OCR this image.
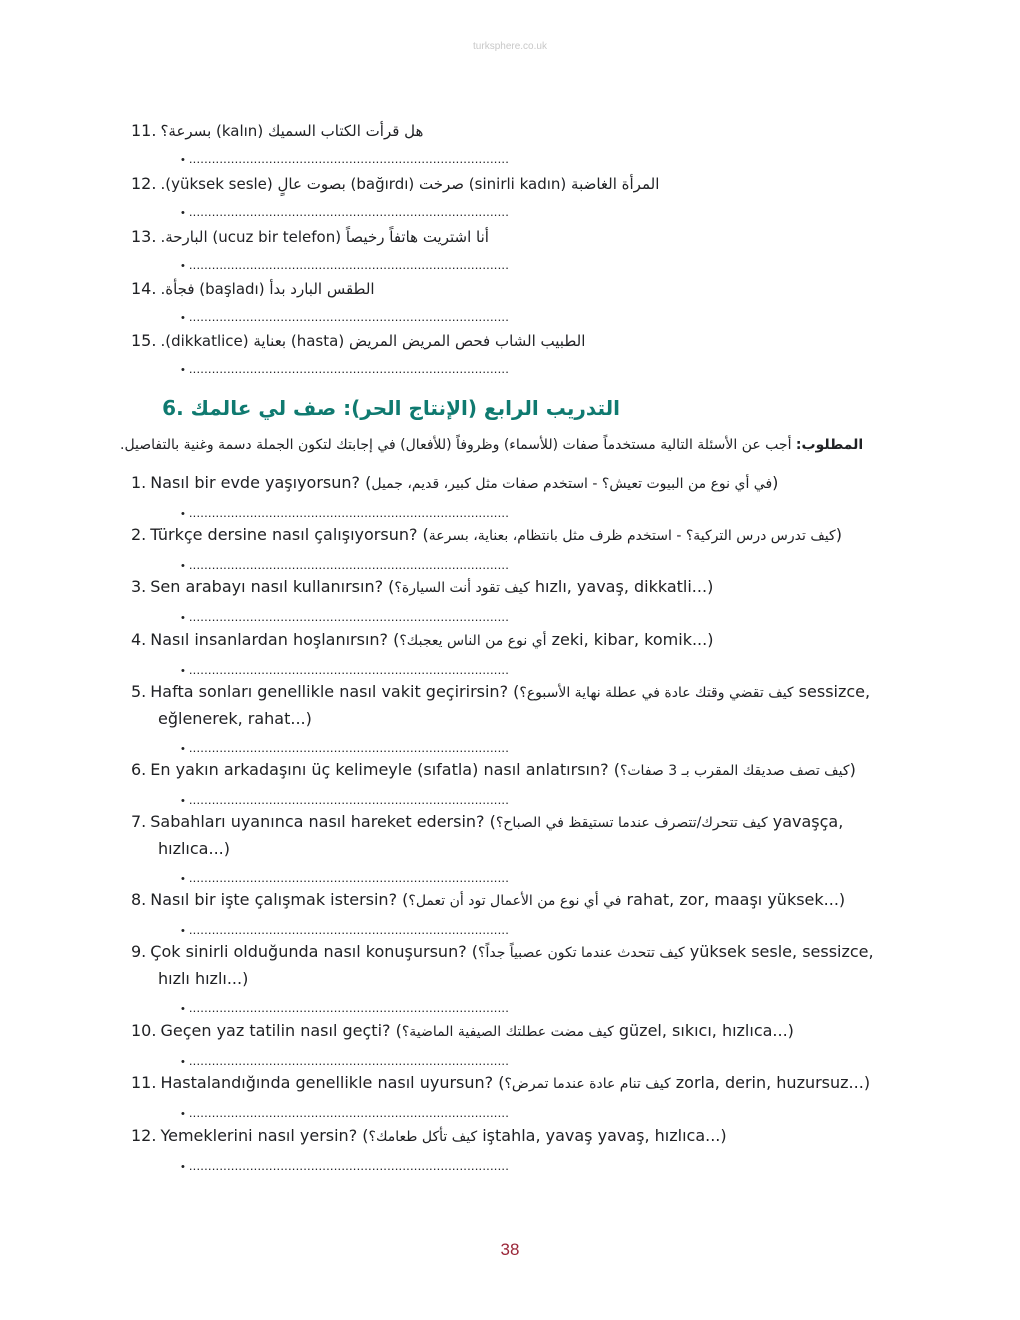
turksphere.co.uk
11. هل قرأت الكتاب السميك (kalın) بسرعة؟
• ....................................................................................
12. المرأة الغاضبة (sinirli kadın) صرخت (bağırdı) بصوت عالٍ (yüksek sesle).
• ....................................................................................
13. أنا اشتريت هاتفاً رخيصاً (ucuz bir telefon) البارحة.
• ....................................................................................
14. الطقس البارد بدأ (başladı) فجأة.
• ....................................................................................
15. الطبيب الشاب فحص المريض المريض (hasta) بعناية (dikkatlice).
• ....................................................................................
التدريب الرابع (الإنتاج الحر): صف لي عالمك .6
المطلوب: أجب عن الأسئلة التالية مستخدماً صفات (للأسماء) وظروفاً (للأفعال) في إجابتك لتكون الجملة دسمة وغنية بالتفاصيل.
1. Nasıl bir evde yaşıyorsun? (في أي نوع من البيوت تعيش؟ - استخدم صفات مثل كبير، قديم، جميل)
• ....................................................................................
2. Türkçe dersine nasıl çalışıyorsun? (كيف تدرس درس التركية؟ - استخدم ظرف مثل بانتظام، بعناية، بسرعة)
• ....................................................................................
3. Sen arabayı nasıl kullanırsın? (كيف تقود أنت السيارة؟ hızlı, yavaş, dikkatli...)
• ....................................................................................
4. Nasıl insanlardan hoşlanırsın? (أي نوع من الناس يعجبك؟ zeki, kibar, komik...)
• ....................................................................................
5. Hafta sonları genellikle nasıl vakit geçirirsin? (كيف تقضي وقتك عادة في عطلة نهاية الأسبوع؟ sessizce,
eğlenerek, rahat...)
• ....................................................................................
6. En yakın arkadaşını üç kelimeyle (sıfatla) nasıl anlatırsın? (كيف تصف صديقك المقرب بـ 3 صفات؟)
• ....................................................................................
7. Sabahları uyanınca nasıl hareket edersin? (كيف تتحرك/تتصرف عندما تستيقظ في الصباح؟ yavaşça,
hızlıca...)
• ....................................................................................
8. Nasıl bir işte çalışmak istersin? (في أي نوع من الأعمال تود أن تعمل؟ rahat, zor, maaşı yüksek...)
• ....................................................................................
9. Çok sinirli olduğunda nasıl konuşursun? (كيف تتحدث عندما تكون عصبياً جداً؟ yüksek sesle, sessizce,
hızlı hızlı...)
• ....................................................................................
10. Geçen yaz tatilin nasıl geçti? (كيف مضت عطلتك الصيفية الماضية؟ güzel, sıkıcı, hızlıca...)
• ....................................................................................
11. Hastalandığında genellikle nasıl uyursun? (كيف تنام عادة عندما تمرض؟ zorla, derin, huzursuz...)
• ....................................................................................
12. Yemeklerini nasıl yersin? (كيف تأكل طعامك؟ iştahla, yavaş yavaş, hızlıca...)
• ....................................................................................
38
